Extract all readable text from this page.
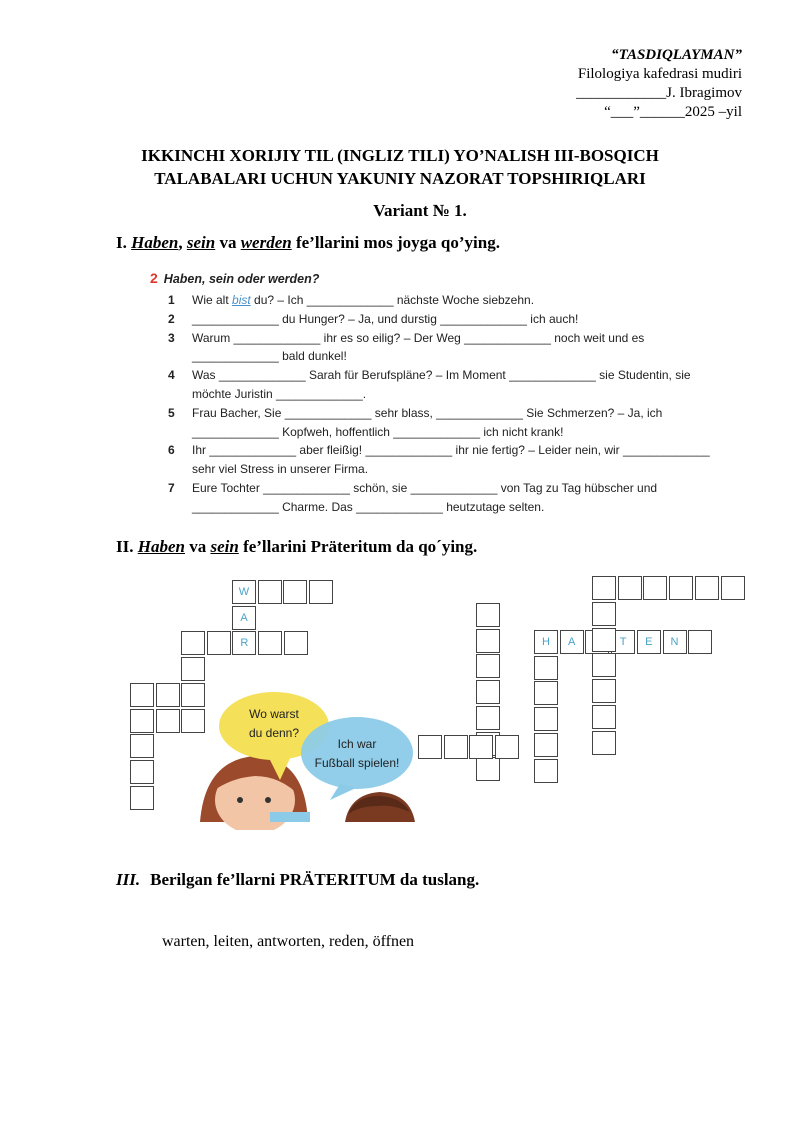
“TASDIQLAYMAN”
Filologiya kafedrasi mudiri
____________J. Ibragimov
“___”______2025 –yil
IKKINCHI XORIJIY TIL (INGLIZ TILI) YO’NALISH III-BOSQICH
TALABALARI UCHUN YAKUNIY NAZORAT TOPSHIRIQLARI
Variant № 1.
I. Haben, sein va werden fe’llarini mos joyga qo’ying.
2 Haben, sein oder werden?
1 Wie alt bist du? – Ich _____________ nächste Woche siebzehn.
2 _____________ du Hunger? – Ja, und durstig _____________ ich auch!
3 Warum _____________ ihr es so eilig? – Der Weg _____________ noch weit und es
_____________ bald dunkel!
4 Was _____________ Sarah für Berufspläne? – Im Moment _____________ sie Studentin, sie
möchte Juristin _____________.
5 Frau Bacher, Sie _____________ sehr blass, _____________ Sie Schmerzen? – Ja, ich
_____________ Kopfweh, hoffentlich _____________ ich nicht krank!
6 Ihr _____________ aber fleißig! _____________ ihr nie fertig? – Leider nein, wir _____________
sehr viel Stress in unserer Firma.
7 Eure Tochter _____________ schön, sie _____________ von Tag zu Tag hübscher und
_____________ Charme. Das _____________ heutzutage selten.
II. Haben va sein fe’llarini Präteritum da qo´ying.
Wo warst
du denn?
Ich war
Fußball spielen!
W
A
R	H	A	T	E	N
III. Berilgan fe’llarni PRÄTERITUM da tuslang.
warten, leiten, antworten, reden, öffnen
